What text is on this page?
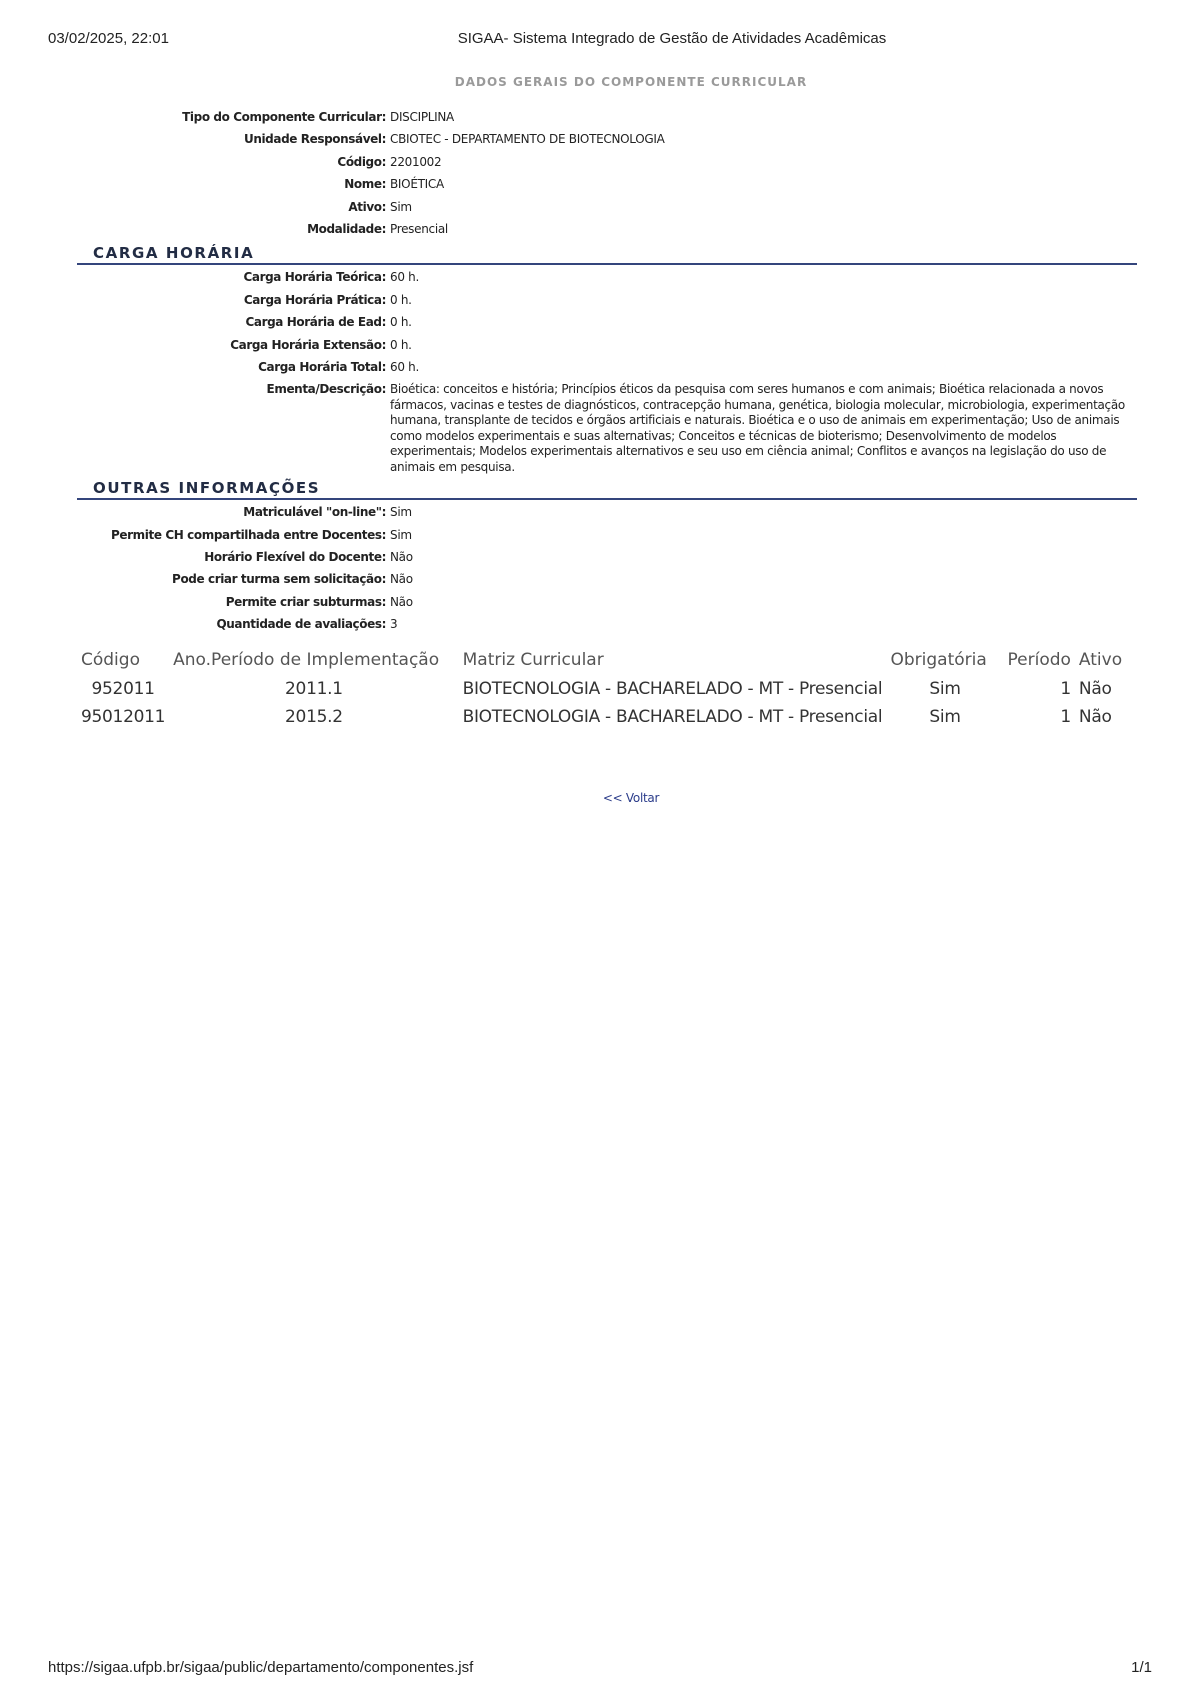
03/02/2025, 22:01	SIGAA- Sistema Integrado de Gestão de Atividades Acadêmicas
DADOS GERAIS DO COMPONENTE CURRICULAR
Tipo do Componente Curricular: DISCIPLINA
Unidade Responsável: CBIOTEC - DEPARTAMENTO DE BIOTECNOLOGIA
Código: 2201002
Nome: BIOÉTICA
Ativo: Sim
Modalidade: Presencial
CARGA HORÁRIA
Carga Horária Teórica: 60 h.
Carga Horária Prática: 0 h.
Carga Horária de Ead: 0 h.
Carga Horária Extensão: 0 h.
Carga Horária Total: 60 h.
Ementa/Descrição: Bioética: conceitos e história; Princípios éticos da pesquisa com seres humanos e com animais; Bioética relacionada a novos fármacos, vacinas e testes de diagnósticos, contracepção humana, genética, biologia molecular, microbiologia, experimentação humana, transplante de tecidos e órgãos artificiais e naturais. Bioética e o uso de animais em experimentação; Uso de animais como modelos experimentais e suas alternativas; Conceitos e técnicas de bioterismo; Desenvolvimento de modelos experimentais; Modelos experimentais alternativos e seu uso em ciência animal; Conflitos e avanços na legislação do uso de animais em pesquisa.
OUTRAS INFORMAÇÕES
Matriculável "on-line": Sim
Permite CH compartilhada entre Docentes: Sim
Horário Flexível do Docente: Não
Pode criar turma sem solicitação: Não
Permite criar subturmas: Não
Quantidade de avaliações: 3
Código	Ano.Período de Implementação	Matriz Curricular	Obrigatória	Período	Ativo
952011	2011.1	BIOTECNOLOGIA - BACHARELADO - MT - Presencial	Sim	1	Não
95012011	2015.2	BIOTECNOLOGIA - BACHARELADO - MT - Presencial	Sim	1	Não
<< Voltar
https://sigaa.ufpb.br/sigaa/public/departamento/componentes.jsf	1/1
